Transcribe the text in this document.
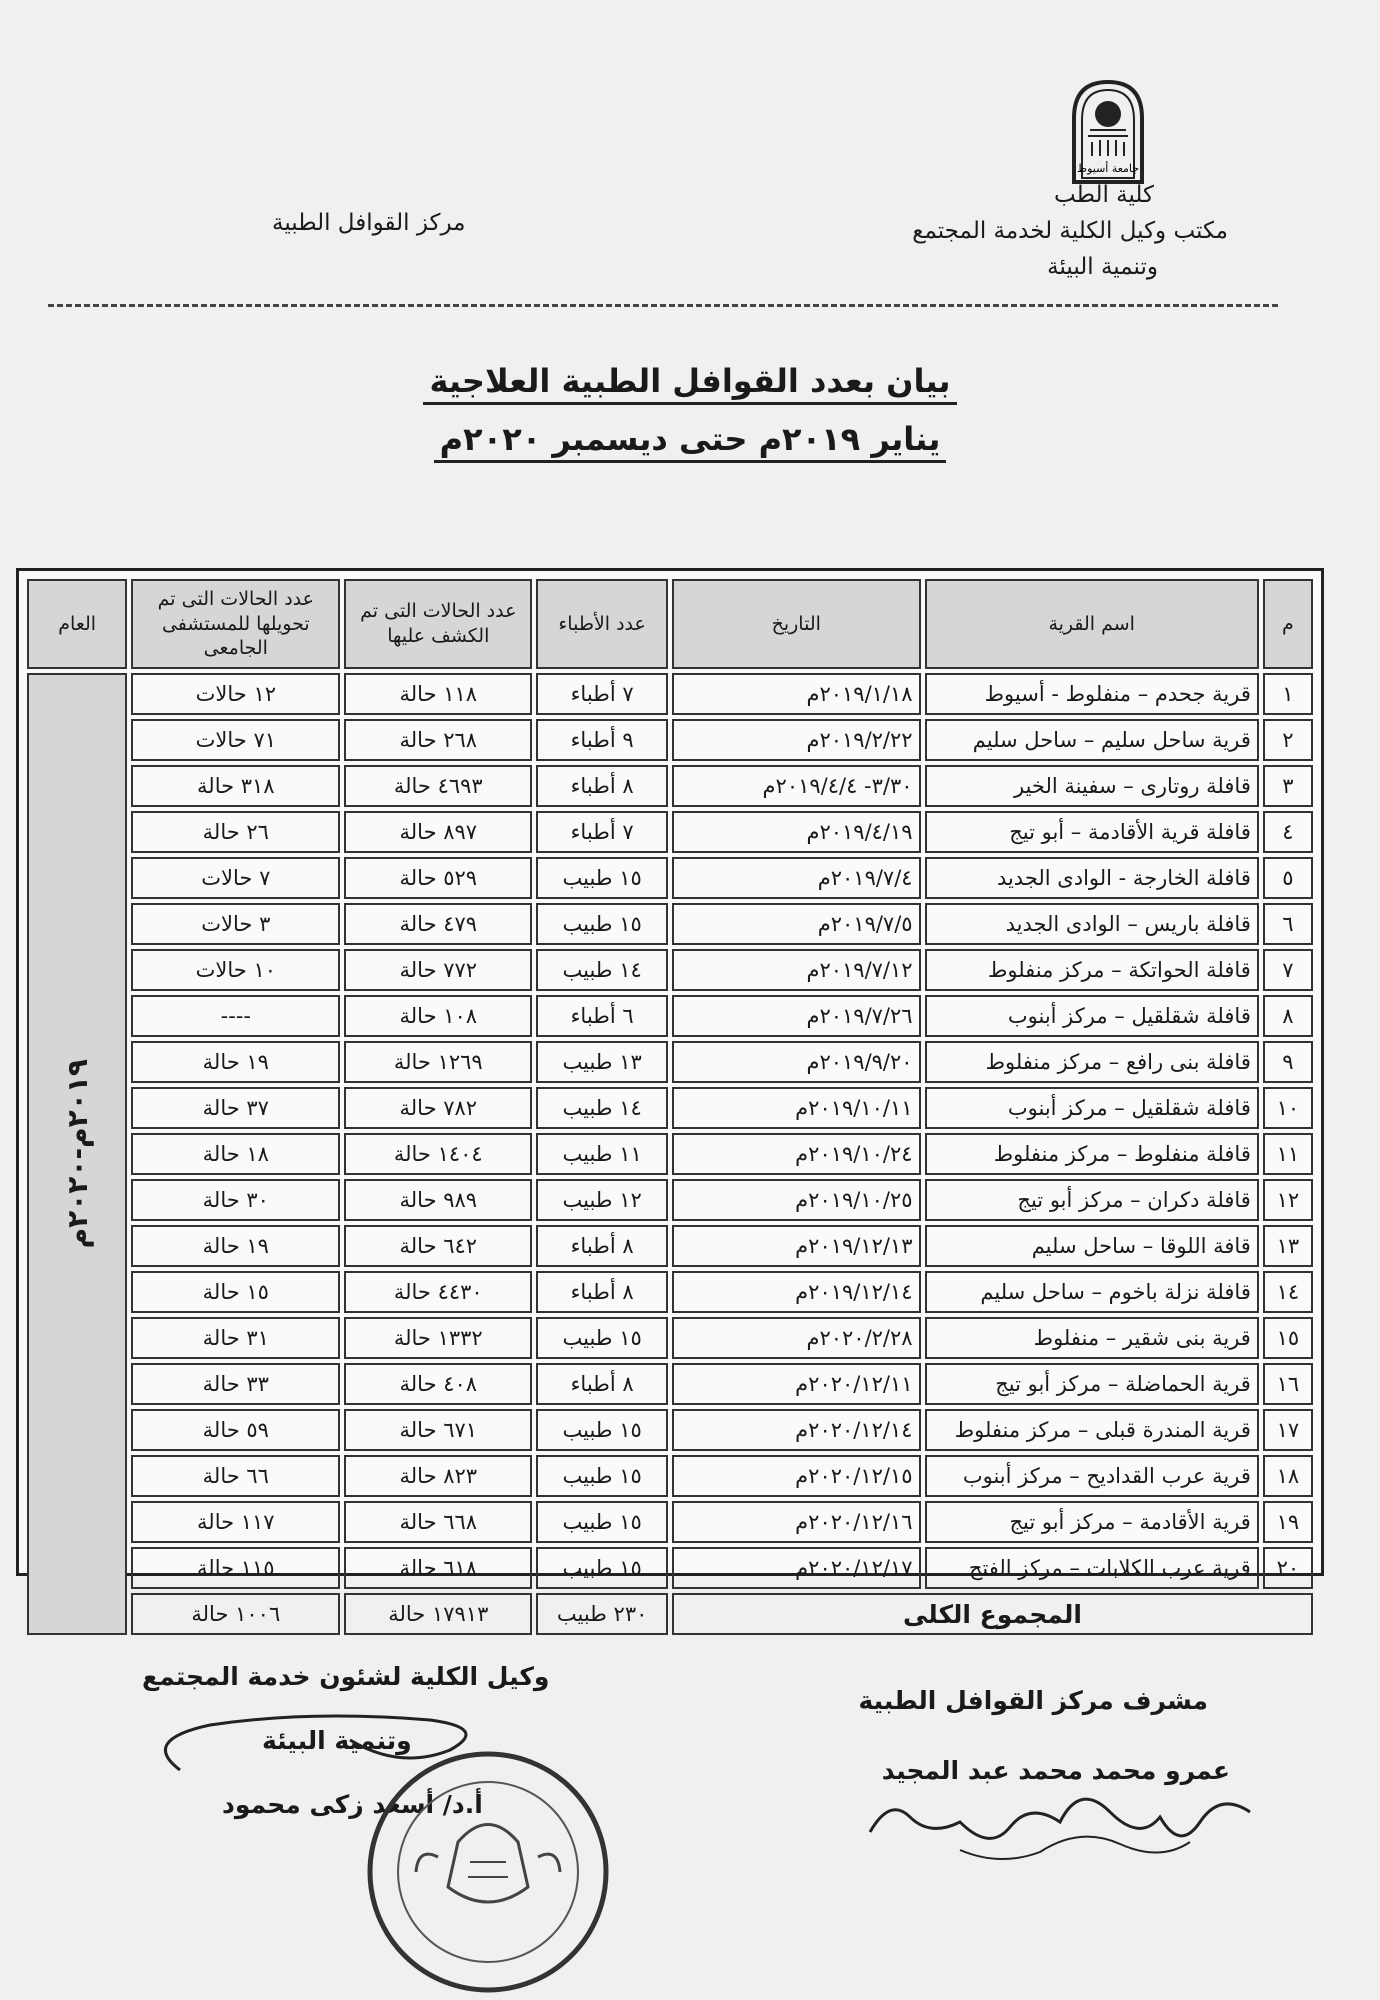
جامعة أسيوط
كلية الطب
مكتب وكيل الكلية لخدمة المجتمع
وتنمية البيئة
مركز القوافل الطبية
بيان بعدد القوافل الطبية العلاجية
يناير ٢٠١٩م حتى ديسمبر ٢٠٢٠م
م	اسم القرية	التاريخ	عدد الأطباء	عدد الحالات التى تم الكشف عليها	عدد الحالات التى تم تحويلها للمستشفى الجامعى	العام
١	قرية جحدم – منفلوط - أسيوط	٢٠١٩/١/١٨م	٧ أطباء	١١٨ حالة	١٢ حالات	٢٠١٩م-٢٠٢٠م

٢	قرية ساحل سليم – ساحل سليم	٢٠١٩/٢/٢٢م	٩ أطباء	٢٦٨ حالة	٧١ حالات	
٣	قافلة روتارى – سفينة الخير	٣/٣٠- ٢٠١٩/٤/٤م	٨ أطباء	٤٦٩٣ حالة	٣١٨ حالة	
٤	قافلة قرية الأقادمة – أبو تيج	٢٠١٩/٤/١٩م	٧ أطباء	٨٩٧ حالة	٢٦ حالة	
٥	قافلة الخارجة - الوادى الجديد	٢٠١٩/٧/٤م	١٥ طبيب	٥٢٩ حالة	٧ حالات	
٦	قافلة باريس – الوادى الجديد	٢٠١٩/٧/٥م	١٥ طبيب	٤٧٩ حالة	٣ حالات	
٧	قافلة الحواتكة – مركز منفلوط	٢٠١٩/٧/١٢م	١٤ طبيب	٧٧٢ حالة	١٠ حالات	
٨	قافلة شقلقيل – مركز أبنوب	٢٠١٩/٧/٢٦م	٦ أطباء	١٠٨ حالة	----	
٩	قافلة بنى رافع – مركز منفلوط	٢٠١٩/٩/٢٠م	١٣ طبيب	١٢٦٩ حالة	١٩ حالة	
١٠	قافلة شقلقيل – مركز أبنوب	٢٠١٩/١٠/١١م	١٤ طبيب	٧٨٢ حالة	٣٧ حالة	
١١	قافلة منفلوط – مركز منفلوط	٢٠١٩/١٠/٢٤م	١١ طبيب	١٤٠٤ حالة	١٨ حالة	
١٢	قافلة دكران – مركز أبو تيج	٢٠١٩/١٠/٢٥م	١٢ طبيب	٩٨٩ حالة	٣٠ حالة	
١٣	قافة اللوقا – ساحل سليم	٢٠١٩/١٢/١٣م	٨ أطباء	٦٤٢ حالة	١٩ حالة	
١٤	قافلة نزلة باخوم – ساحل سليم	٢٠١٩/١٢/١٤م	٨ أطباء	٤٤٣٠ حالة	١٥ حالة	
١٥	قرية بنى شقير – منفلوط	٢٠٢٠/٢/٢٨م	١٥ طبيب	١٣٣٢ حالة	٣١ حالة	
١٦	قرية الحماضلة – مركز أبو تيج	٢٠٢٠/١٢/١١م	٨ أطباء	٤٠٨ حالة	٣٣ حالة	
١٧	قرية المندرة قبلى – مركز منفلوط	٢٠٢٠/١٢/١٤م	١٥ طبيب	٦٧١ حالة	٥٩ حالة	
١٨	قرية عرب القداديح – مركز أبنوب	٢٠٢٠/١٢/١٥م	١٥ طبيب	٨٢٣ حالة	٦٦ حالة	
١٩	قرية الأقادمة – مركز أبو تيج	٢٠٢٠/١٢/١٦م	١٥ طبيب	٦٦٨ حالة	١١٧ حالة	
٢٠	قرية عرب الكلابات – مركز الفتح	٢٠٢٠/١٢/١٧م	١٥ طبيب	٦١٨ حالة	١١٥ حالة	
المجموع الكلى			٢٣٠ طبيب	١٧٩١٣ حالة	١٠٠٦ حالة	
مشرف مركز القوافل الطبية
عمرو محمد محمد عبد المجيد
وكيل الكلية لشئون خدمة المجتمع
وتنمية البيئة
أ.د/ أسعد زكى محمود
